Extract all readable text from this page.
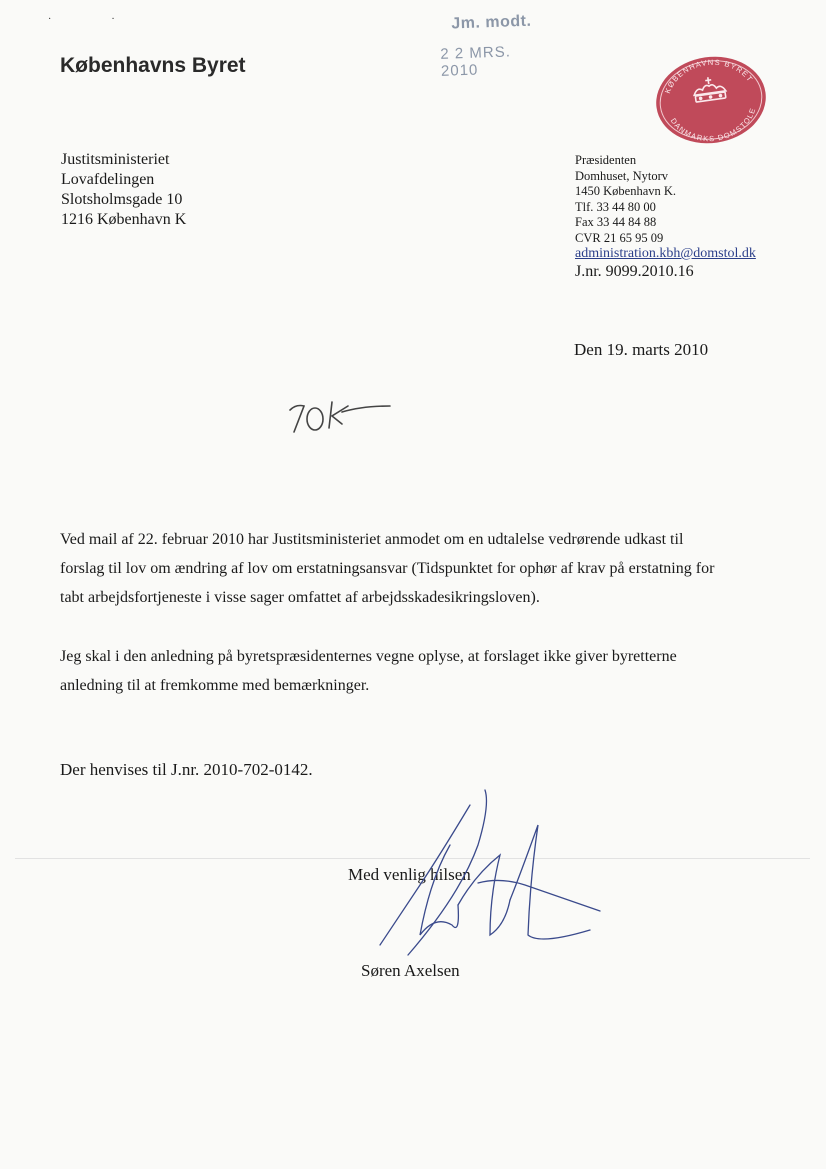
·                        ·
Københavns Byret
Jm. modt.
2 2 MRS. 2010
KØBENHAVNS BYRET
DANMARKS DOMSTOLE
Justitsministeriet
Lovafdelingen
Slotsholmsgade 10
1216 København K
Præsidenten
Domhuset, Nytorv
1450 København K.
Tlf. 33 44 80 00
Fax 33 44 84 88
CVR 21 65 95 09
administration.kbh@domstol.dk
J.nr. 9099.2010.16
Den 19. marts 2010
Ved mail af 22. februar 2010 har Justitsministeriet anmodet om en udtalelse vedrørende udkast til
forslag til lov om ændring af lov om erstatningsansvar (Tidspunktet for ophør af krav på erstatning for
tabt arbejdsfortjeneste i visse sager omfattet af arbejdsskadesikringsloven).
Jeg skal i den anledning på byretspræsidenternes vegne oplyse, at forslaget ikke giver byretterne
anledning til at fremkomme med bemærkninger.
Der henvises til J.nr. 2010-702-0142.
Med venlig hilsen
Søren Axelsen
